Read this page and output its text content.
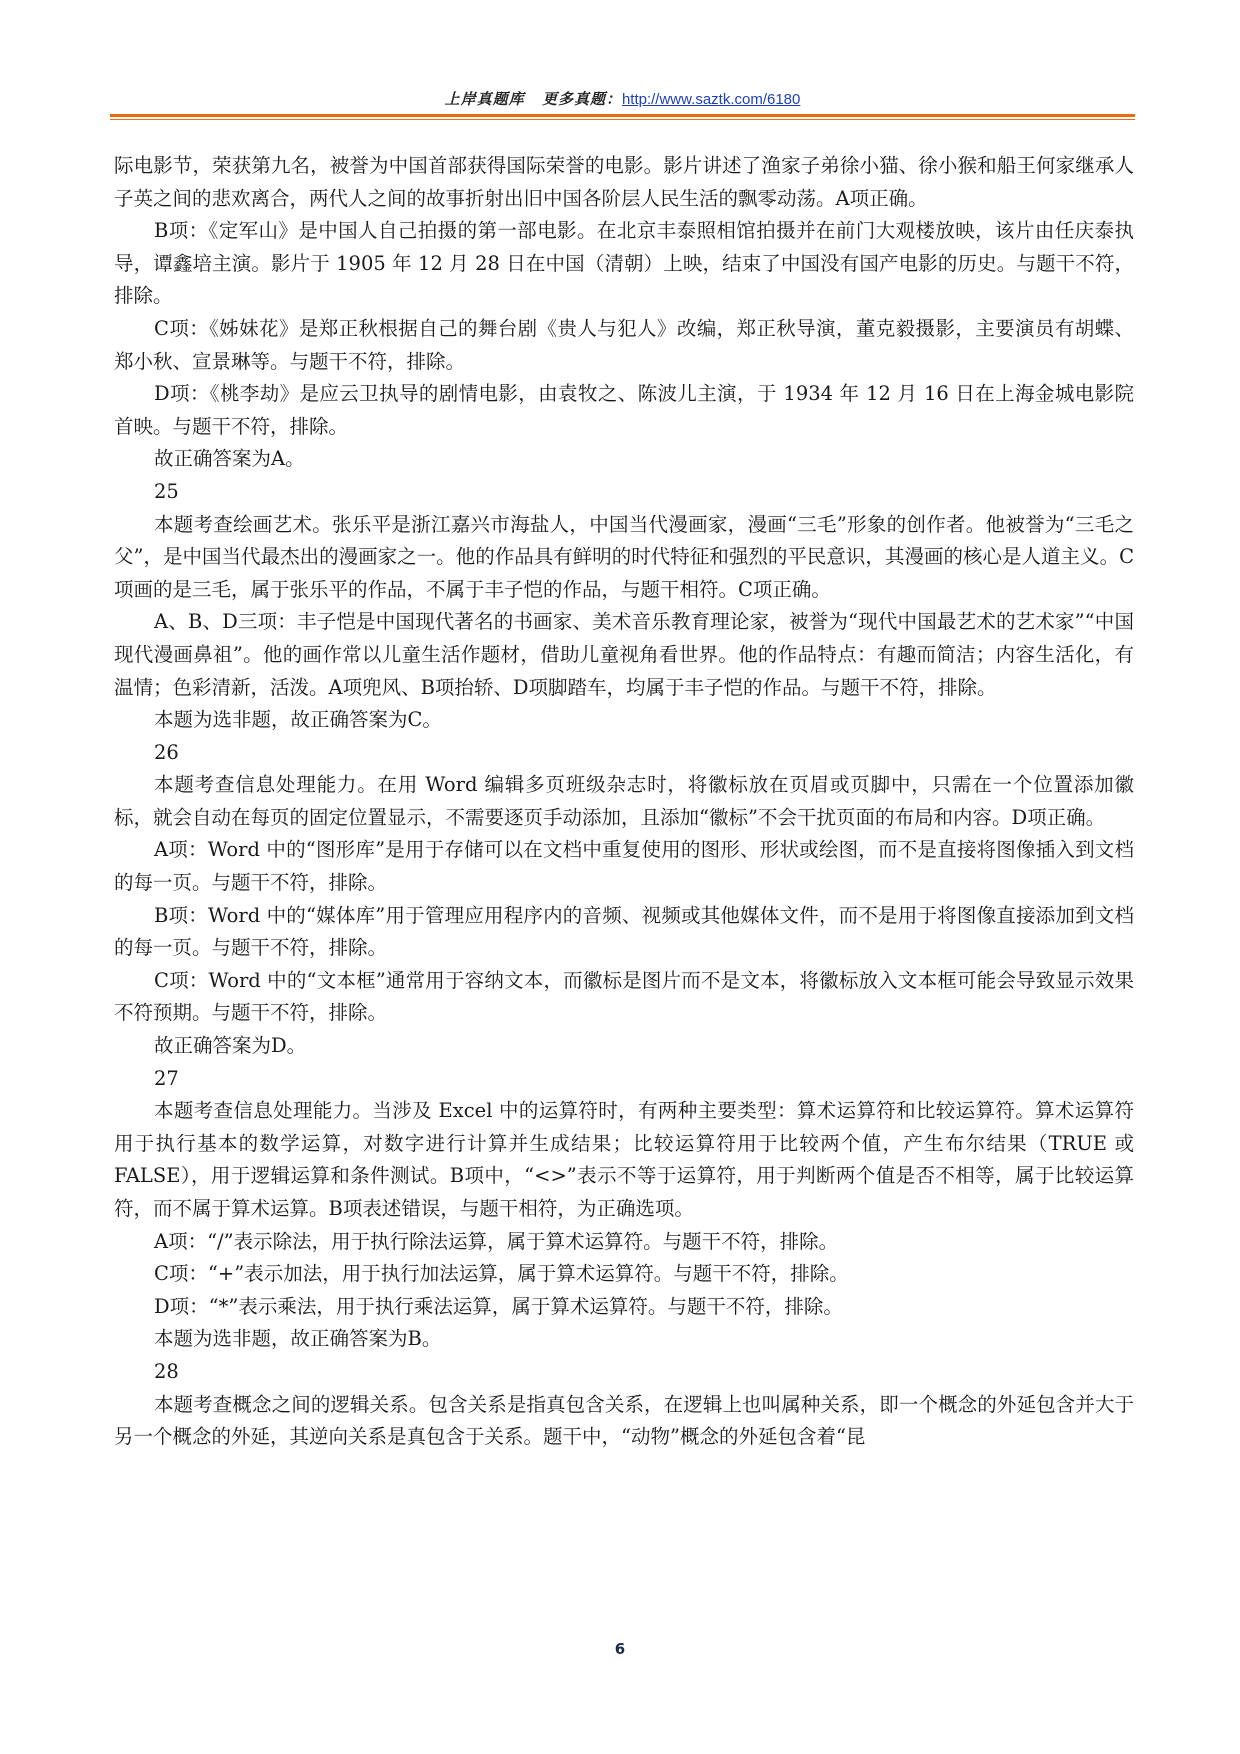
上岸真题库 更多真题：http://www.saztk.com/6180

际电影节，荣获第九名，被誉为中国首部获得国际荣誉的电影。影片讲述了渔家子弟徐小猫、徐小猴和船王何家继承人子英之间的悲欢离合，两代人之间的故事折射出旧中国各阶层人民生活的飘零动荡。A项正确。

B项：《定军山》是中国人自己拍摄的第一部电影。在北京丰泰照相馆拍摄并在前门大观楼放映，该片由任庆泰执导，谭鑫培主演。影片于 1905 年 12 月 28 日在中国（清朝）上映，结束了中国没有国产电影的历史。与题干不符，排除。

C项：《姊妹花》是郑正秋根据自己的舞台剧《贵人与犯人》改编，郑正秋导演，董克毅摄影，主要演员有胡蝶、郑小秋、宣景琳等。与题干不符，排除。

D项：《桃李劫》是应云卫执导的剧情电影，由袁牧之、陈波儿主演，于 1934 年 12 月 16 日在上海金城电影院首映。与题干不符，排除。

故正确答案为A。

25

本题考查绘画艺术。张乐平是浙江嘉兴市海盐人，中国当代漫画家，漫画“三毛”形象的创作者。他被誉为“三毛之父”，是中国当代最杰出的漫画家之一。他的作品具有鲜明的时代特征和强烈的平民意识，其漫画的核心是人道主义。C项画的是三毛，属于张乐平的作品，不属于丰子恺的作品，与题干相符。C项正确。

A、B、D三项：丰子恺是中国现代著名的书画家、美术音乐教育理论家，被誉为“现代中国最艺术的艺术家”“中国现代漫画鼻祖”。他的画作常以儿童生活作题材，借助儿童视角看世界。他的作品特点：有趣而简洁；内容生活化，有温情；色彩清新，活泼。A项兜风、B项抬轿、D项脚踏车，均属于丰子恺的作品。与题干不符，排除。

本题为选非题，故正确答案为C。

26

本题考查信息处理能力。在用 Word 编辑多页班级杂志时，将徽标放在页眉或页脚中，只需在一个位置添加徽标，就会自动在每页的固定位置显示，不需要逐页手动添加，且添加“徽标”不会干扰页面的布局和内容。D项正确。

A项：Word 中的“图形库”是用于存储可以在文档中重复使用的图形、形状或绘图，而不是直接将图像插入到文档的每一页。与题干不符，排除。

B项：Word 中的“媒体库”用于管理应用程序内的音频、视频或其他媒体文件，而不是用于将图像直接添加到文档的每一页。与题干不符，排除。

C项：Word 中的“文本框”通常用于容纳文本，而徽标是图片而不是文本，将徽标放入文本框可能会导致显示效果不符预期。与题干不符，排除。

故正确答案为D。

27

本题考查信息处理能力。当涉及 Excel 中的运算符时，有两种主要类型：算术运算符和比较运算符。算术运算符用于执行基本的数学运算，对数字进行计算并生成结果；比较运算符用于比较两个值，产生布尔结果（TRUE 或 FALSE），用于逻辑运算和条件测试。B项中，“<>”表示不等于运算符，用于判断两个值是否不相等，属于比较运算符，而不属于算术运算。B项表述错误，与题干相符，为正确选项。

A项：“/”表示除法，用于执行除法运算，属于算术运算符。与题干不符，排除。

C项：“+”表示加法，用于执行加法运算，属于算术运算符。与题干不符，排除。

D项：“*”表示乘法，用于执行乘法运算，属于算术运算符。与题干不符，排除。

本题为选非题，故正确答案为B。

28

本题考查概念之间的逻辑关系。包含关系是指真包含关系，在逻辑上也叫属种关系，即一个概念的外延包含并大于另一个概念的外延，其逆向关系是真包含于关系。题干中，“动物”概念的外延包含着“昆

6
